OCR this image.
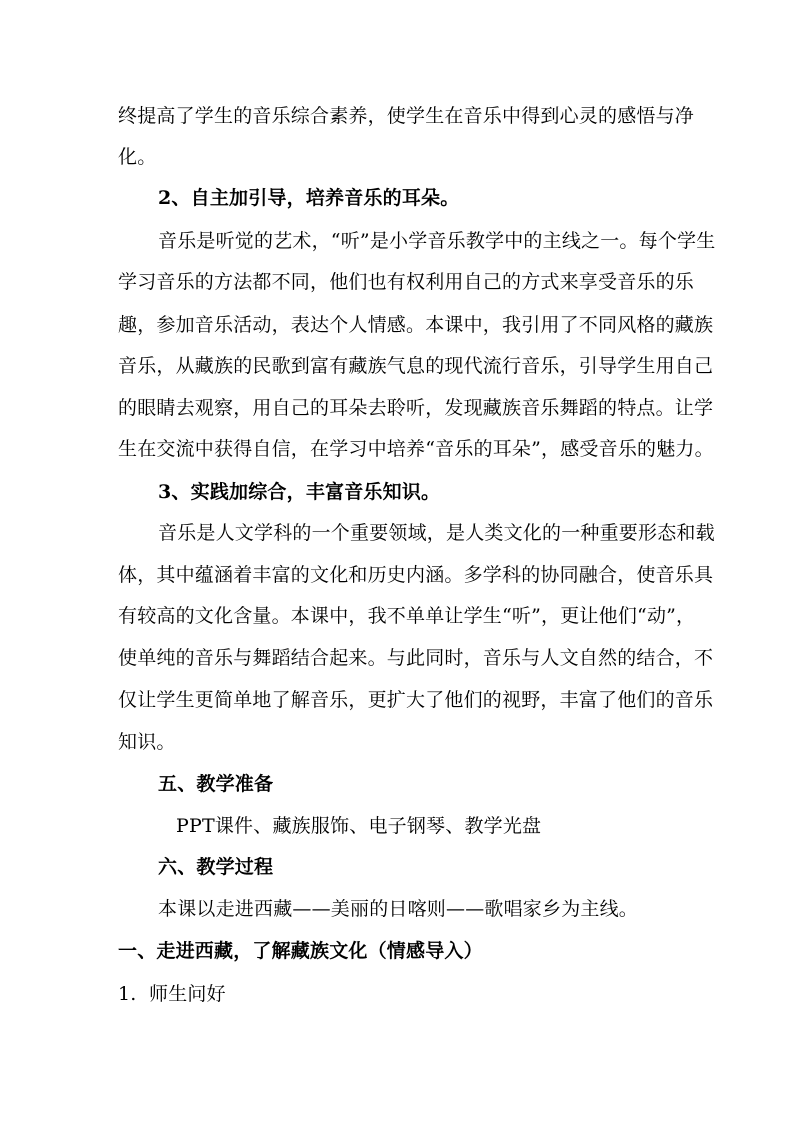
终提高了学生的音乐综合素养，使学生在音乐中得到心灵的感悟与净
化。
2、自主加引导，培养音乐的耳朵。
音乐是听觉的艺术，“听”是小学音乐教学中的主线之一。每个学生
学习音乐的方法都不同，他们也有权利用自己的方式来享受音乐的乐
趣，参加音乐活动，表达个人情感。本课中，我引用了不同风格的藏族
音乐，从藏族的民歌到富有藏族气息的现代流行音乐，引导学生用自己
的眼睛去观察，用自己的耳朵去聆听，发现藏族音乐舞蹈的特点。让学
生在交流中获得自信，在学习中培养“音乐的耳朵”，感受音乐的魅力。
3、实践加综合，丰富音乐知识。
音乐是人文学科的一个重要领域，是人类文化的一种重要形态和载
体，其中蕴涵着丰富的文化和历史内涵。多学科的协同融合，使音乐具
有较高的文化含量。本课中，我不单单让学生“听”，更让他们“动”，
使单纯的音乐与舞蹈结合起来。与此同时，音乐与人文自然的结合，不
仅让学生更简单地了解音乐，更扩大了他们的视野，丰富了他们的音乐
知识。
五、教学准备
PPT课件、藏族服饰、电子钢琴、教学光盘
六、教学过程
本课以走进西藏——美丽的日喀则——歌唱家乡为主线。
一、走进西藏，了解藏族文化（情感导入）
1.  师生问好
